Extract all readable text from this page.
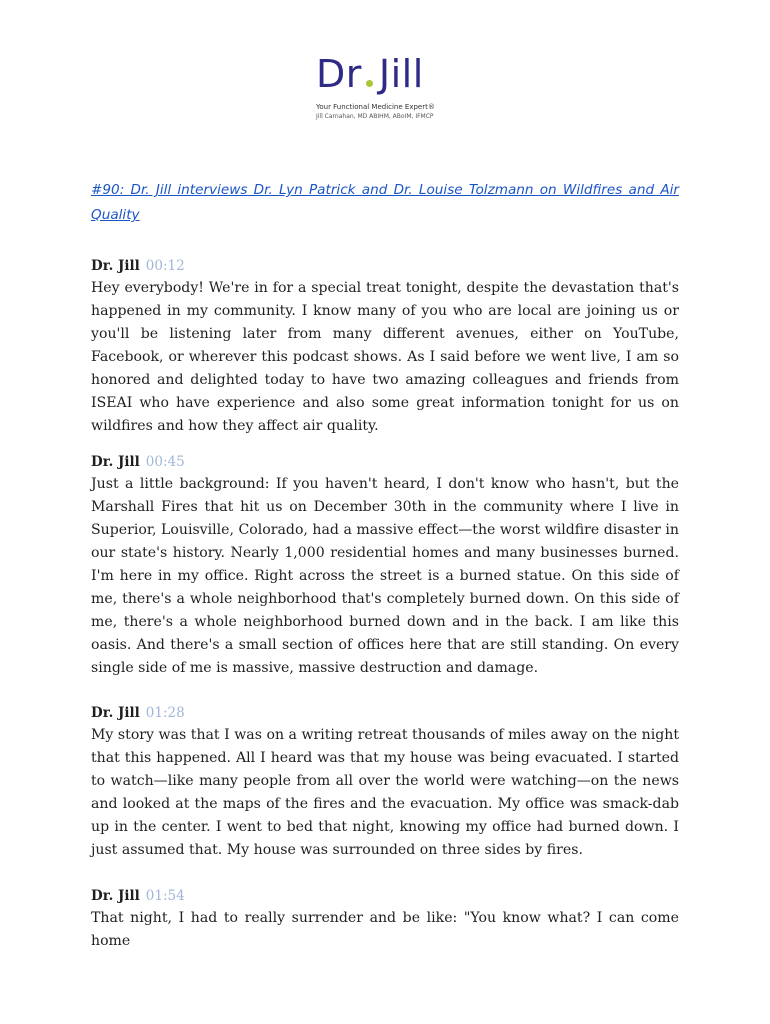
Dr Jill
Your Functional Medicine Expert®
Jill Carnahan, MD ABIHM, ABoIM, IFMCP
#90: Dr. Jill interviews Dr. Lyn Patrick and Dr. Louise Tolzmann on Wildfires and Air Quality
Dr. Jill 00:12

Hey everybody! We're in for a special treat tonight, despite the devastation that's happened in my community. I know many of you who are local are joining us or you'll be listening later from many different avenues, either on YouTube, Facebook, or wherever this podcast shows. As I said before we went live, I am so honored and delighted today to have two amazing colleagues and friends from ISEAI who have experience and also some great information tonight for us on wildfires and how they affect air quality.

Dr. Jill 00:45

Just a little background: If you haven't heard, I don't know who hasn't, but the Marshall Fires that hit us on December 30th in the community where I live in Superior, Louisville, Colorado, had a massive effect—the worst wildfire disaster in our state's history. Nearly 1,000 residential homes and many businesses burned. I'm here in my office. Right across the street is a burned statue. On this side of me, there's a whole neighborhood that's completely burned down. On this side of me, there's a whole neighborhood burned down and in the back. I am like this oasis. And there's a small section of offices here that are still standing. On every single side of me is massive, massive destruction and damage.

Dr. Jill 01:28

My story was that I was on a writing retreat thousands of miles away on the night that this happened. All I heard was that my house was being evacuated. I started to watch—like many people from all over the world were watching—on the news and looked at the maps of the fires and the evacuation. My office was smack-dab up in the center. I went to bed that night, knowing my office had burned down. I just assumed that. My house was surrounded on three sides by fires.

Dr. Jill 01:54

That night, I had to really surrender and be like: "You know what? I can come home
